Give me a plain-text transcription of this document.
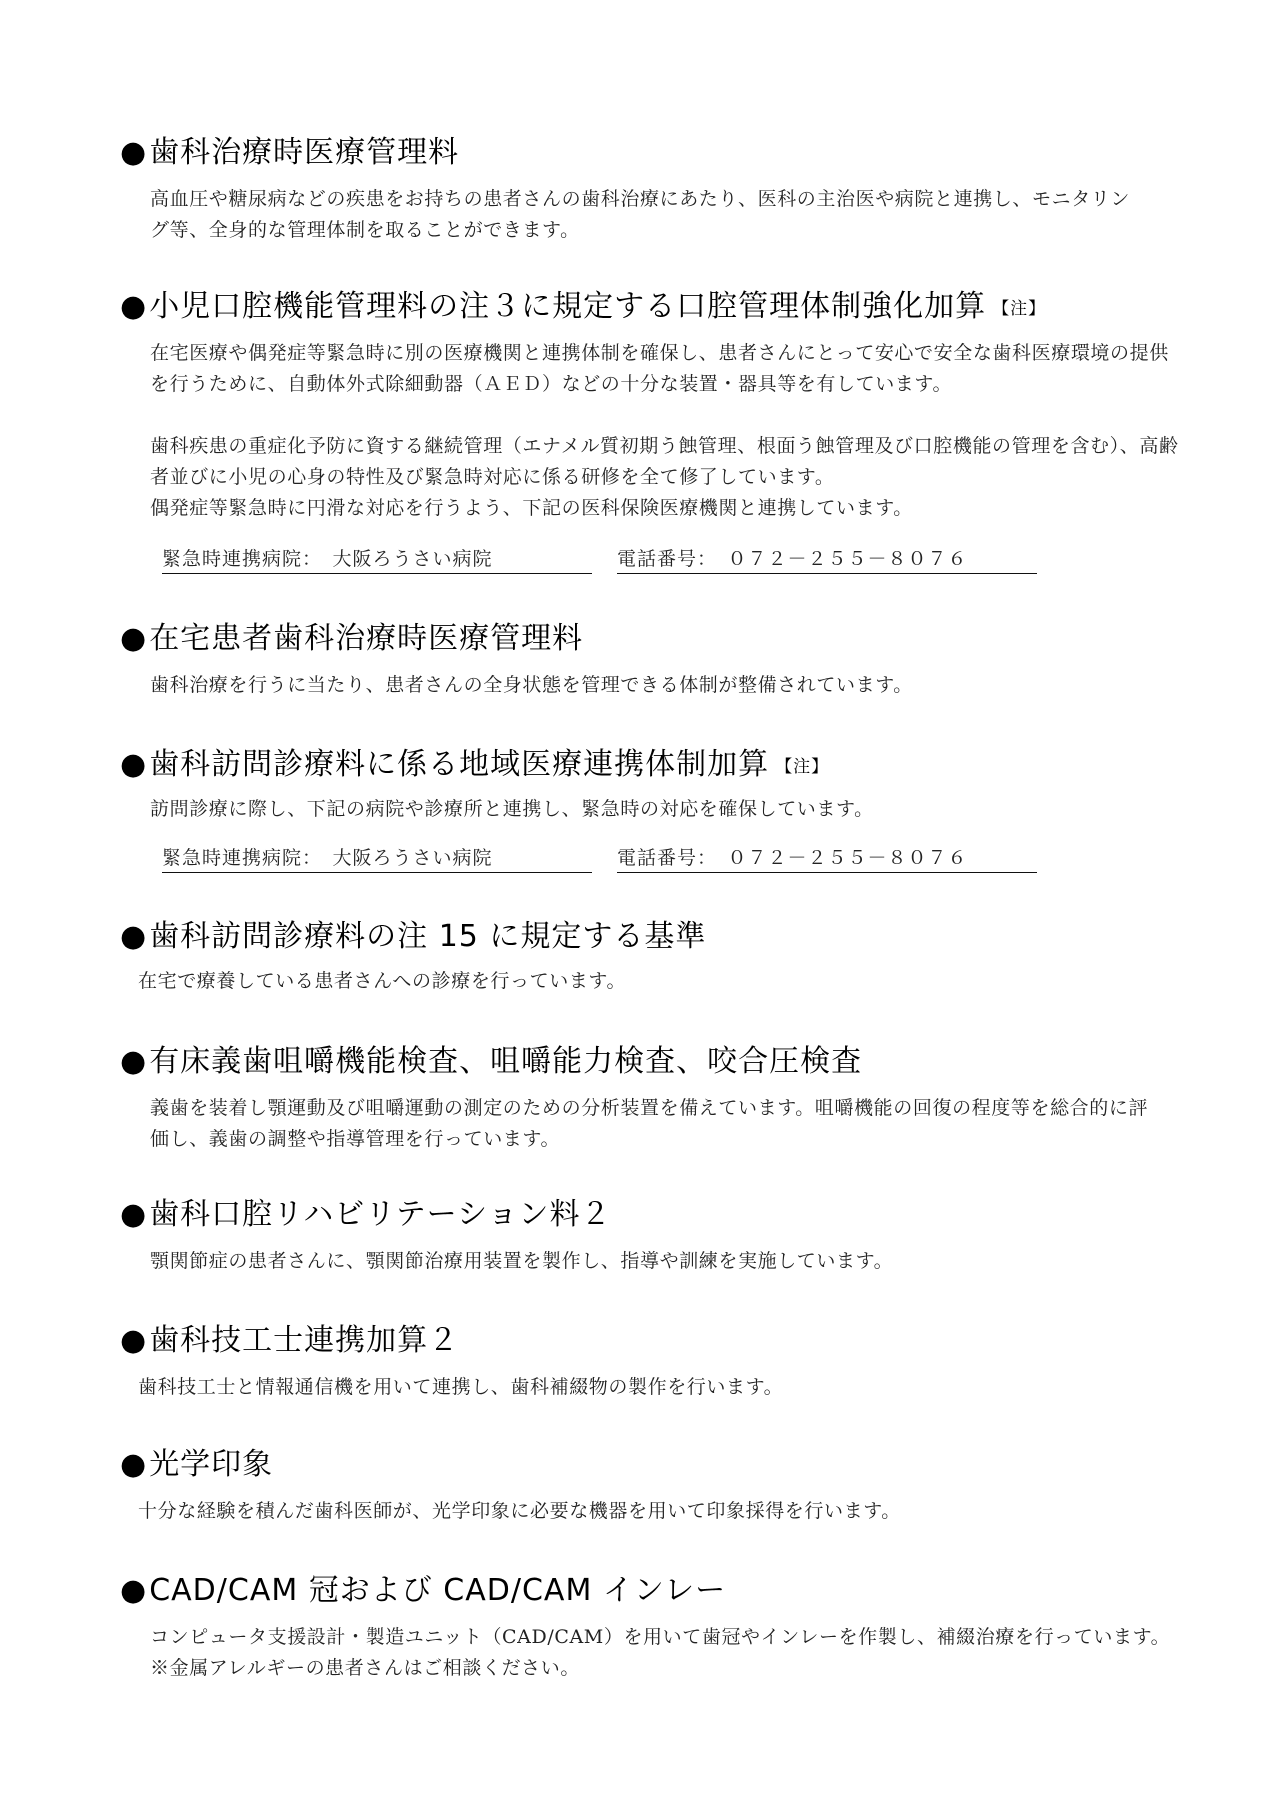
●歯科治療時医療管理料

高血圧や糖尿病などの疾患をお持ちの患者さんの歯科治療にあたり、医科の主治医や病院と連携し、モニタリング等、全身的な管理体制を取ることができます。

●小児口腔機能管理料の注３に規定する口腔管理体制強化加算 【注】

在宅医療や偶発症等緊急時に別の医療機関と連携体制を確保し、患者さんにとって安心で安全な歯科医療環境の提供を行うために、自動体外式除細動器（ＡＥＤ）などの十分な装置・器具等を有しています。

歯科疾患の重症化予防に資する継続管理（エナメル質初期う蝕管理、根面う蝕管理及び口腔機能の管理を含む）、高齢者並びに小児の心身の特性及び緊急時対応に係る研修を全て修了しています。

偶発症等緊急時に円滑な対応を行うよう、下記の医科保険医療機関と連携しています。

緊急時連携病院：　大阪ろうさい病院	電話番号：　０７２－２５５－８０７６
●在宅患者歯科治療時医療管理料

歯科治療を行うに当たり、患者さんの全身状態を管理できる体制が整備されています。

●歯科訪問診療料に係る地域医療連携体制加算 【注】

訪問診療に際し、下記の病院や診療所と連携し、緊急時の対応を確保しています。

緊急時連携病院：　大阪ろうさい病院	電話番号：　０７２－２５５－８０７６
●歯科訪問診療料の注 15 に規定する基準

在宅で療養している患者さんへの診療を行っています。

●有床義歯咀嚼機能検査、咀嚼能力検査、咬合圧検査

義歯を装着し顎運動及び咀嚼運動の測定のための分析装置を備えています。咀嚼機能の回復の程度等を総合的に評価し、義歯の調整や指導管理を行っています。

●歯科口腔リハビリテーション料２

顎関節症の患者さんに、顎関節治療用装置を製作し、指導や訓練を実施しています。

●歯科技工士連携加算２

歯科技工士と情報通信機を用いて連携し、歯科補綴物の製作を行います。

●光学印象

十分な経験を積んだ歯科医師が、光学印象に必要な機器を用いて印象採得を行います。

●CAD/CAM 冠および CAD/CAM インレー

コンピュータ支援設計・製造ユニット（CAD/CAM）を用いて歯冠やインレーを作製し、補綴治療を行っています。※金属アレルギーの患者さんはご相談ください。
